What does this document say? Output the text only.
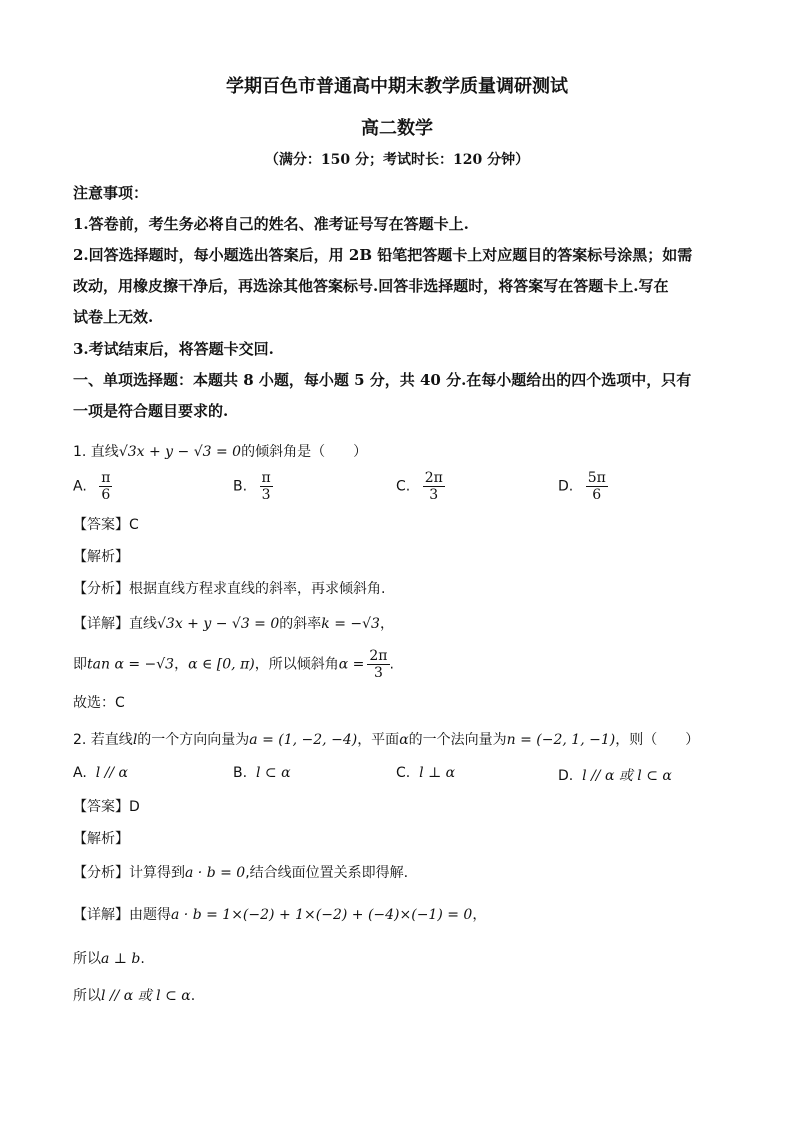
学期百色市普通高中期末教学质量调研测试
高二数学
（满分：150 分；考试时长：120 分钟）
注意事项：
1.答卷前，考生务必将自己的姓名、准考证号写在答题卡上.
2.回答选择题时，每小题选出答案后，用 2B 铅笔把答题卡上对应题目的答案标号涂黑；如需
改动，用橡皮擦干净后，再选涂其他答案标号.回答非选择题时，将答案写在答题卡上.写在
试卷上无效.
3.考试结束后，将答题卡交回.
一、单项选择题：本题共 8 小题，每小题 5 分，共 40 分.在每小题给出的四个选项中，只有
一项是符合题目要求的.
1. 直线√3x + y − √3 = 0的倾斜角是（　　）
A. $\frac{\pi}{6}$	B. $\frac{\pi}{3}$	C. $\frac{2\pi}{3}$	D. $\frac{5\pi}{6}$
【答案】C
【解析】
【分析】根据直线方程求直线的斜率，再求倾斜角.
【详解】直线√3x + y − √3 = 0的斜率k = −√3，
即tan α = −√3，α ∈ [0, π)，所以倾斜角$\alpha = \frac{2\pi}{3}$ .
故选：C
2. 若直线l的一个方向向量为a = (1, −2, −4)，平面α的一个法向量为n = (−2, 1, −1)，则（　　）
A. l // α	B. l ⊂ α	C. l ⊥ α	D. l // α 或 l ⊂ α
【答案】D
【解析】
【分析】计算得到a · b = 0,结合线面位置关系即得解.
【详解】由题得a · b = 1×(−2) + 1×(−2) + (−4)×(−1) = 0，
所以a ⊥ b.
所以l // α 或 l ⊂ α.
